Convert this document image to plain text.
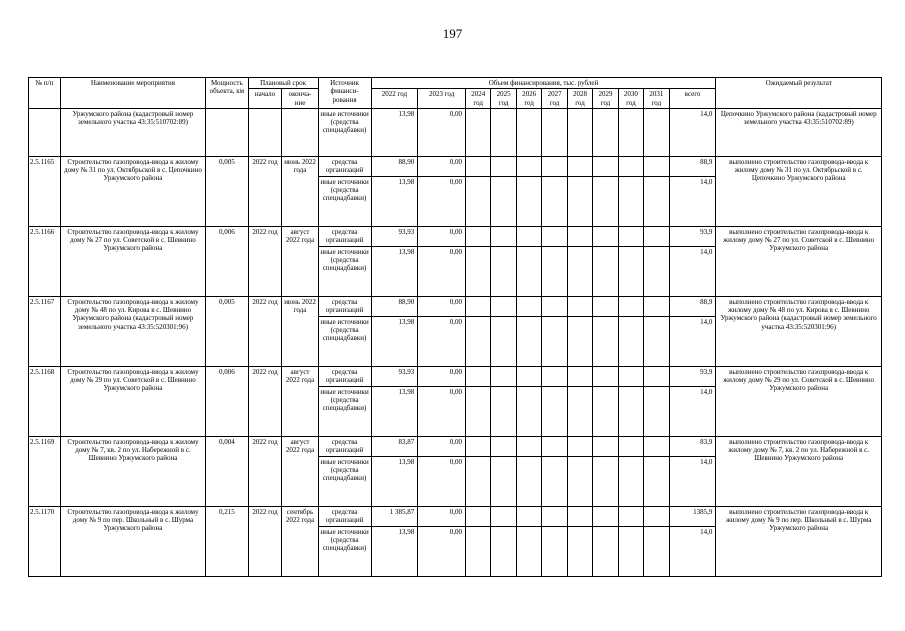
197
№ п/п	Наименование мероприятия	Мощность объекта, км	Плановый срок		Источник финанси-рования	Объем финансирования, тыс. рублей											Ожидаемый результат
			начало	оконча-ние		2022 год	2023 год	2024 год	2025 год	2026 год	2027 год	2028 год	2029 год	2030 год	2031 год	всего	

	Уржумского района (кадастровый номер земельного участка 43:35:510702:89)				иные источники (средства спецнадбавки)	13,98	0,00									14,0	Цепочкино Уржумского района (кадастровый номер земельного участка 43:35:510702:89)
2.5.1165	Строительство газопровода-ввода к жилому дому № 31 по ул. Октябрьской в с. Цепочкино Уржумского района	0,005	2022 год	июнь 2022 года	средства организаций	88,90	0,00									88,9	выполнено строительство газопровода-ввода к жилому дому № 31 по ул. Октябрьской в с. Цепочкино Уржумского района
					иные источники (средства спецнадбавки)	13,98	0,00									14,0	
2.5.1166	Строительство газопровода-ввода к жилому дому № 27 по ул. Советской в с. Шевнино Уржумского района	0,006	2022 год	август 2022 года	средства организаций	93,93	0,00									93,9	выполнено строительство газопровода-ввода к жилому дому № 27 по ул. Советской в с. Шевнино Уржумского района
					иные источники (средства спецнадбавки)	13,98	0,00									14,0	
2.5.1167	Строительство газопровода-ввода к жилому дому № 48 по ул. Кирова в с. Шевнино Уржумского района (кадастровый номер земельного участка 43:35:520301:96)	0,005	2022 год	июнь 2022 года	средства организаций	88,90	0,00									88,9	выполнено строительство газопровода-ввода к жилому дому № 48 по ул. Кирова в с. Шевнино Уржумского района (кадастровый номер земельного участка 43:35:520301:96)
					иные источники (средства спецнадбавки)	13,98	0,00									14,0	
2.5.1168	Строительство газопровода-ввода к жилому дому № 29 по ул. Советской в с. Шевнино Уржумского района	0,006	2022 год	август 2022 года	средства организаций	93,93	0,00									93,9	выполнено строительство газопровода-ввода к жилому дому № 29 по ул. Советской в с. Шевнино Уржумского района
					иные источники (средства спецнадбавки)	13,98	0,00									14,0	
2.5.1169	Строительство газопровода-ввода к жилому дому № 7, кв. 2 по ул. Набережной в с. Шевнино Уржумского района	0,004	2022 год	август 2022 года	средства организаций	83,87	0,00									83,9	выполнено строительство газопровода-ввода к жилому дому № 7, кв. 2 по ул. Набережной в с. Шевнино Уржумского района
					иные источники (средства спецнадбавки)	13,98	0,00									14,0	
2.5.1170	Строительство газопровода-ввода к жилому дому № 9 по пер. Школьный в с. Шурма Уржумского района	0,215	2022 год	сентябрь 2022 года	средства организаций	1 385,87	0,00									1385,9	выполнено строительство газопровода-ввода к жилому дому № 9 по пер. Школьный в с. Шурма Уржумского района
					иные источники (средства спецнадбавки)	13,98	0,00									14,0	
